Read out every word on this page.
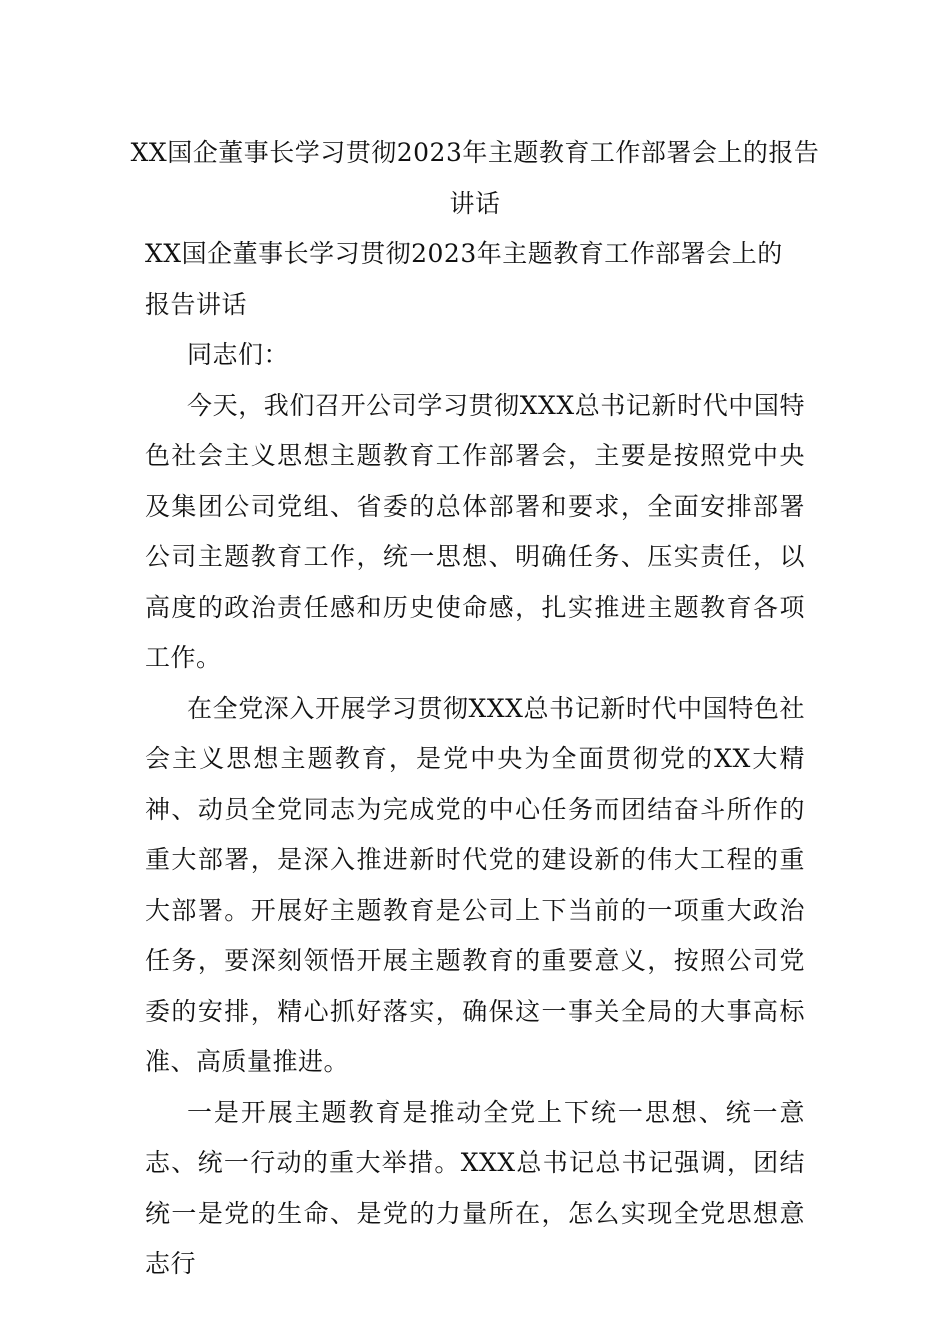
XX国企董事长学习贯彻2023年主题教育工作部署会上的报告讲话

XX国企董事长学习贯彻2023年主题教育工作部署会上的报告讲话

同志们：

今天，我们召开公司学习贯彻XXX总书记新时代中国特色社会主义思想主题教育工作部署会，主要是按照党中央及集团公司党组、省委的总体部署和要求，全面安排部署公司主题教育工作，统一思想、明确任务、压实责任，以高度的政治责任感和历史使命感，扎实推进主题教育各项工作。

在全党深入开展学习贯彻XXX总书记新时代中国特色社会主义思想主题教育，是党中央为全面贯彻党的XX大精神、动员全党同志为完成党的中心任务而团结奋斗所作的重大部署，是深入推进新时代党的建设新的伟大工程的重大部署。开展好主题教育是公司上下当前的一项重大政治任务，要深刻领悟开展主题教育的重要意义，按照公司党委的安排，精心抓好落实，确保这一事关全局的大事高标准、高质量推进。

一是开展主题教育是推动全党上下统一思想、统一意志、统一行动的重大举措。XXX总书记总书记强调，团结统一是党的生命、是党的力量所在，怎么实现全党思想意志行
